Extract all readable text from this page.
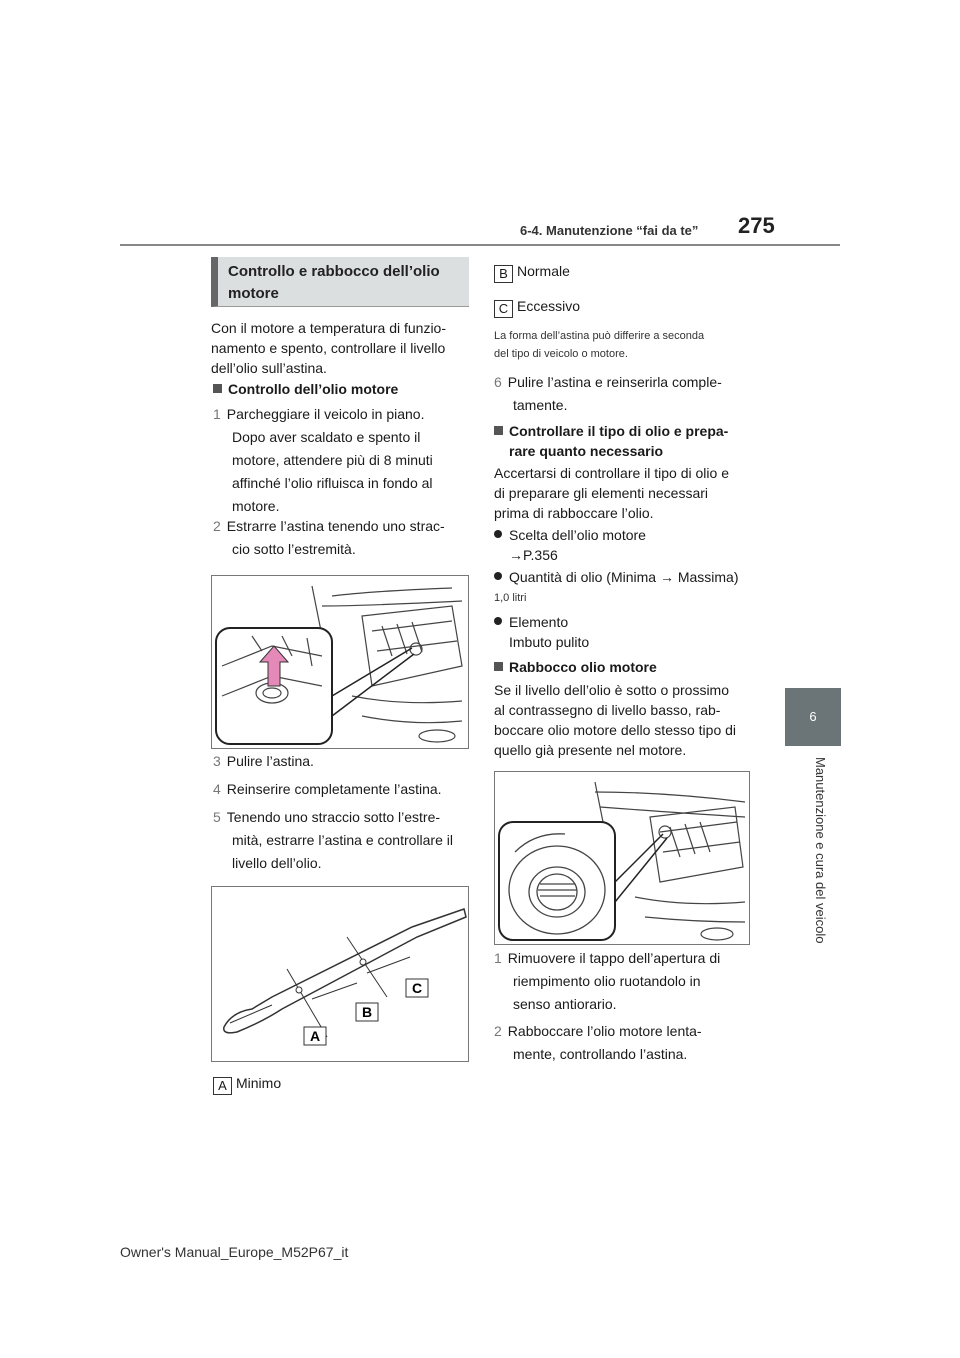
6-4. Manutenzione “fai da te” 275
6
Manutenzione e cura del veicolo
Controllo e rabbocco dell’olio motore
Con il motore a temperatura di funzio-
namento e spento, controllare il livello
dell’olio sull’astina.
Controllo dell’olio motore
1 Parcheggiare il veicolo in piano.
Dopo aver scaldato e spento il
motore, attendere più di 8 minuti
affinché l’olio rifluisca in fondo al
motore.
2 Estrarre l’astina tenendo uno strac-
cio sotto l’estremità.
3 Pulire l’astina.
4 Reinserire completamente l’astina.
5 Tenendo uno straccio sotto l’estre-
mità, estrarre l’astina e controllare il
livello dell’olio.
A
B
C
A Minimo
B Normale
C Eccessivo
La forma dell’astina può differire a seconda
del tipo di veicolo o motore.
6 Pulire l’astina e reinserirla comple-
tamente.
Controllare il tipo di olio e prepa-
rare quanto necessario
Accertarsi di controllare il tipo di olio e
di preparare gli elementi necessari
prima di rabboccare l’olio.
Scelta dell’olio motore
→P.356
Quantità di olio (Minima → Massima)
1,0 litri
Elemento
Imbuto pulito
Rabbocco olio motore
Se il livello dell’olio è sotto o prossimo
al contrassegno di livello basso, rab-
boccare olio motore dello stesso tipo di
quello già presente nel motore.
1 Rimuovere il tappo dell’apertura di
riempimento olio ruotandolo in
senso antiorario.
2 Rabboccare l’olio motore lenta-
mente, controllando l’astina.
Owner's Manual_Europe_M52P67_it
